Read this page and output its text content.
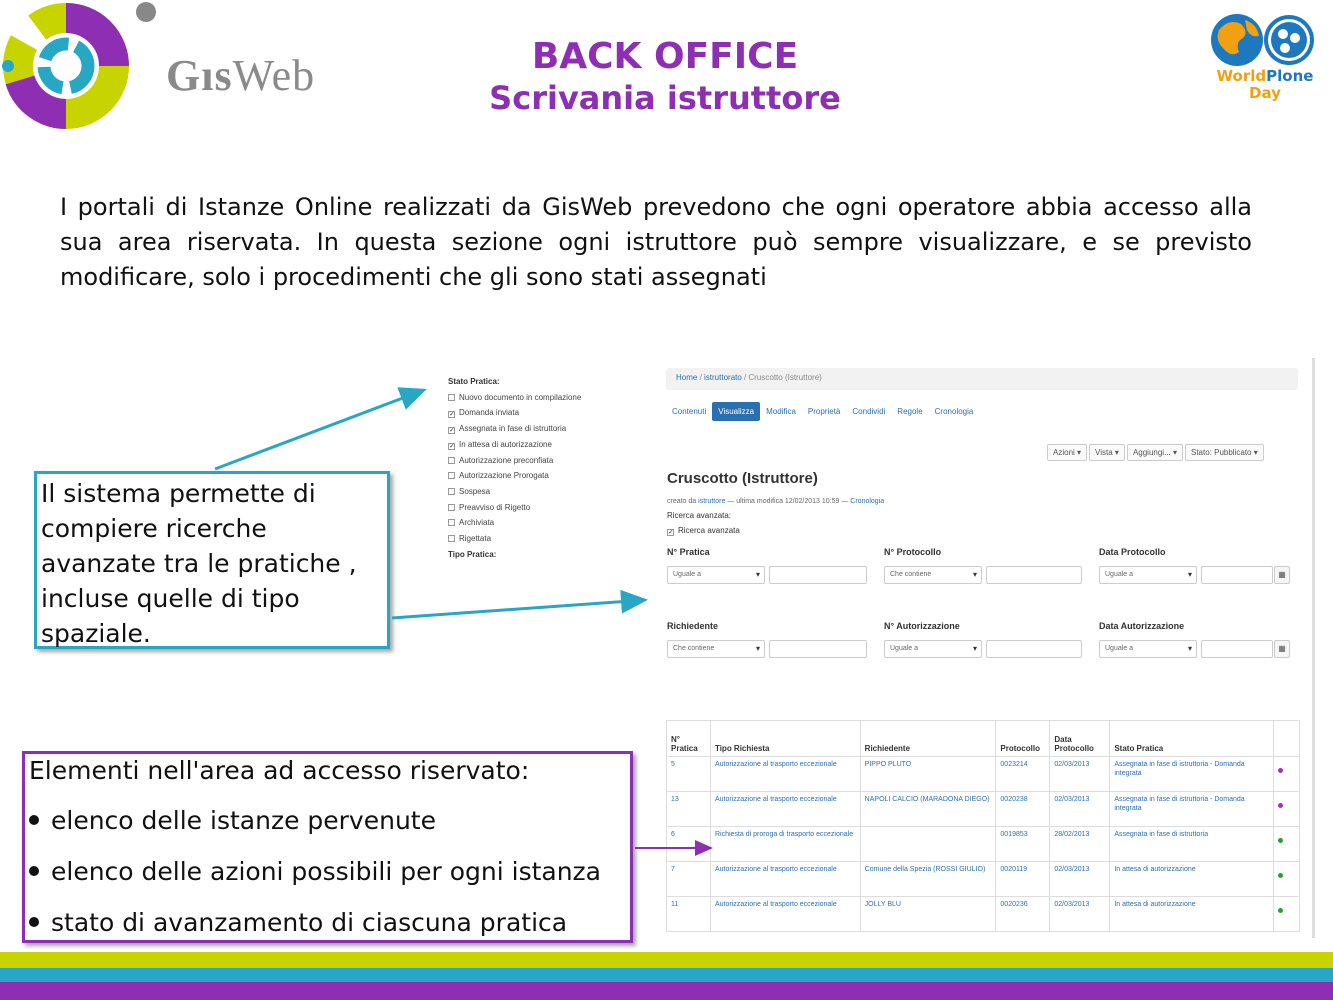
GısWeb	BACK OFFICE
Scrivania istruttore
WorldPlone
Day

I portali di Istanze Online realizzati da GisWeb prevedono che ogni operatore abbia accesso alla sua area riservata. In questa sezione ogni istruttore può sempre visualizzare, e se previsto modificare, solo i procedimenti che gli sono stati assegnati

Stato Pratica:
Nuovo documento in compilazione
✓ Domanda inviata
✓ Assegnata in fase di istruttoria
✓ In attesa di autorizzazione
Autorizzazione preconfiata
Autorizzazione Prorogata
Sospesa
Preavviso di Rigetto
Archiviata
Rigettata
Tipo Pratica:
Home / istruttorato / Cruscotto (Istruttore)
Contenuti Visualizza Modifica Proprietà Condividi Regole Cronologia
Azioni ▾ Vista ▾ Aggiungi... ▾ Stato: Pubblicato ▾
Cruscotto (Istruttore)
creato da istruttore — ultima modifica 12/02/2013 10:59 — Cronologia
Ricerca avanzata:
✓ Ricerca avanzata
N° Pratica
Uguale a	▾
N° Protocollo
Che contiene	▾
Data Protocollo
Uguale a	▾	▦
Richiedente
Che contiene	▾
N° Autorizzazione
Uguale a	▾
Data Autorizzazione
Uguale a	▾	▦
N° Pratica	Tipo Richiesta	Richiedente	Protocollo	Data Protocollo	Stato Pratica	
5	Autorizzazione al trasporto eccezionale	PIPPO PLUTO	0023214	02/03/2013	Assegnata in fase di istruttoria - Domanda integrata	
13	Autorizzazione al trasporto eccezionale	NAPOLI CALCIO (MARADONA DIEGO)	0020238	02/03/2013	Assegnata in fase di istruttoria - Domanda integrata	
6	Richiesta di proroga di trasporto eccezionale		0019853	28/02/2013	Assegnata in fase di istruttoria	
7	Autorizzazione al trasporto eccezionale	Comune della Spezia (ROSSI GIULIO)	0020119	02/03/2013	In attesa di autorizzazione	
11	Autorizzazione al trasporto eccezionale	JOLLY BLU	0020236	02/03/2013	In attesa di autorizzazione	
Il sistema permette di compiere ricerche avanzate tra le pratiche , incluse quelle di tipo spaziale.
Elementi nell'area ad accesso riservato:
elenco delle istanze pervenute
elenco delle azioni possibili per ogni istanza
stato di avanzamento di ciascuna pratica
